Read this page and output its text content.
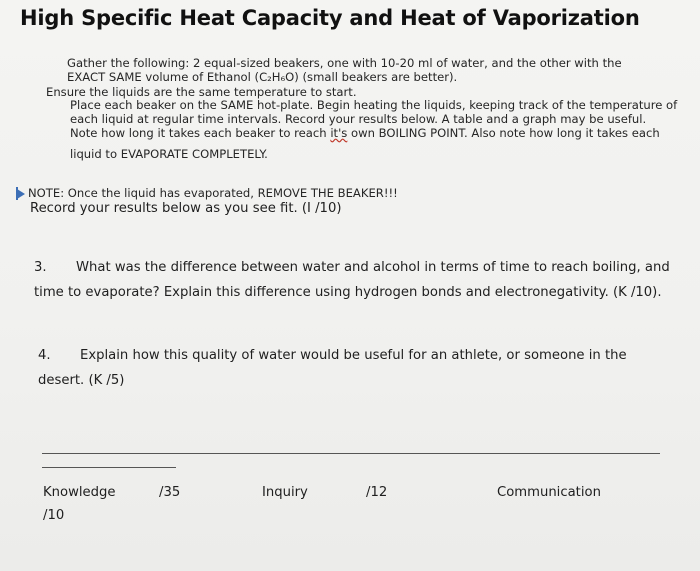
High Specific Heat Capacity and Heat of Vaporization
Gather the following: 2 equal-sized beakers, one with 10-20 ml of water, and the other with the
EXACT SAME volume of Ethanol (C₂H₆O) (small beakers are better).
Ensure the liquids are the same temperature to start.
Place each beaker on the SAME hot-plate. Begin heating the liquids, keeping track of the temperature of
each liquid at regular time intervals. Record your results below. A table and a graph may be useful.
Note how long it takes each beaker to reach it's own BOILING POINT. Also note how long it takes each
liquid to EVAPORATE COMPLETELY.
NOTE: Once the liquid has evaporated, REMOVE THE BEAKER!!!
Record your results below as you see fit. (I /10)
3. What was the difference between water and alcohol in terms of time to reach boiling, and
time to evaporate? Explain this difference using hydrogen bonds and electronegativity. (K /10).
4. Explain how this quality of water would be useful for an athlete, or someone in the
desert. (K /5)
Knowledge
/10
/35	Inquiry	/12	Communication
